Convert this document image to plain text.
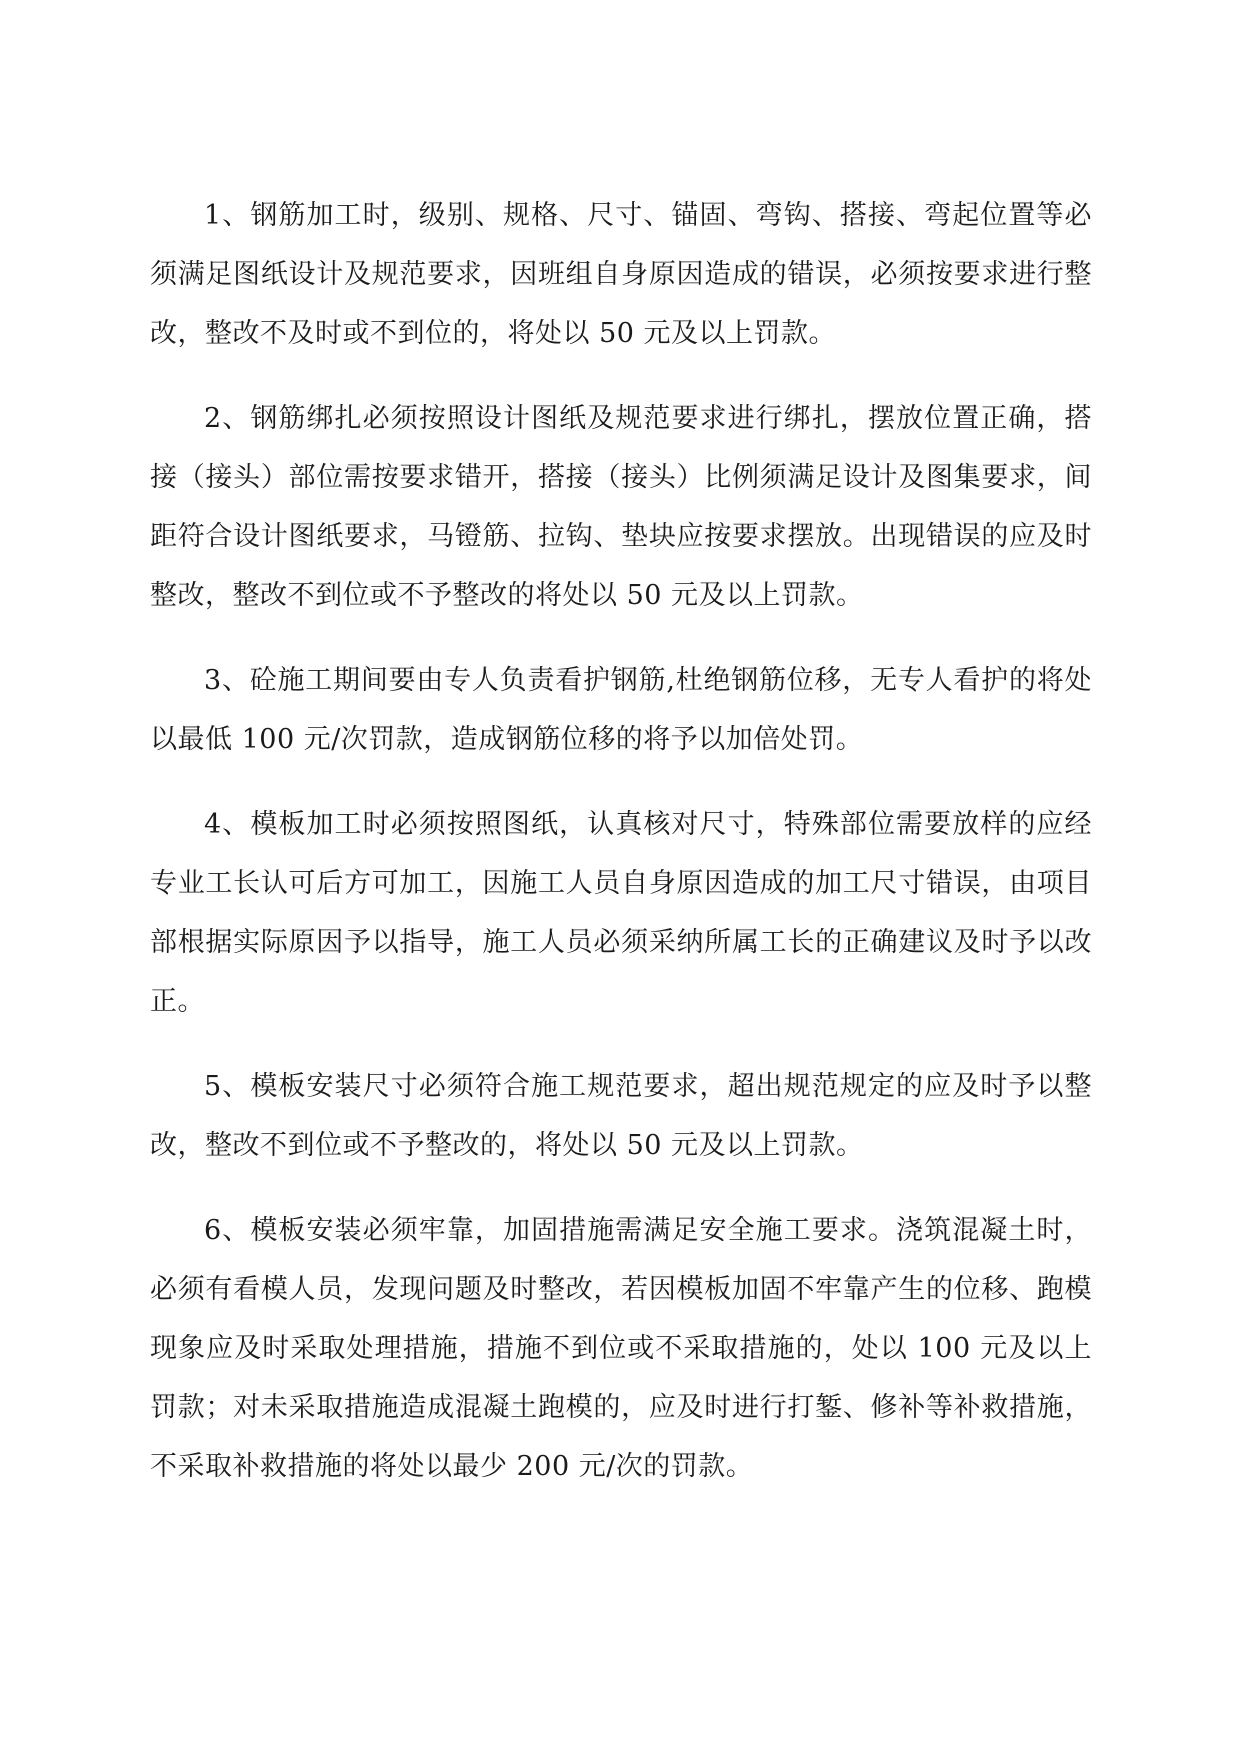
1、钢筋加工时，级别、规格、尺寸、锚固、弯钩、搭接、弯起位置等必须满足图纸设计及规范要求，因班组自身原因造成的错误，必须按要求进行整改，整改不及时或不到位的，将处以 50 元及以上罚款。

2、钢筋绑扎必须按照设计图纸及规范要求进行绑扎，摆放位置正确，搭接（接头）部位需按要求错开，搭接（接头）比例须满足设计及图集要求，间距符合设计图纸要求，马镫筋、拉钩、垫块应按要求摆放。出现错误的应及时整改，整改不到位或不予整改的将处以 50 元及以上罚款。

3、砼施工期间要由专人负责看护钢筋,杜绝钢筋位移，无专人看护的将处以最低 100 元/次罚款，造成钢筋位移的将予以加倍处罚。

4、模板加工时必须按照图纸，认真核对尺寸，特殊部位需要放样的应经专业工长认可后方可加工，因施工人员自身原因造成的加工尺寸错误，由项目部根据实际原因予以指导，施工人员必须采纳所属工长的正确建议及时予以改正。

5、模板安装尺寸必须符合施工规范要求，超出规范规定的应及时予以整改，整改不到位或不予整改的，将处以 50 元及以上罚款。

6、模板安装必须牢靠，加固措施需满足安全施工要求。浇筑混凝土时，必须有看模人员，发现问题及时整改，若因模板加固不牢靠产生的位移、跑模现象应及时采取处理措施，措施不到位或不采取措施的，处以 100 元及以上罚款；对未采取措施造成混凝土跑模的，应及时进行打錾、修补等补救措施，不采取补救措施的将处以最少 200 元/次的罚款。
